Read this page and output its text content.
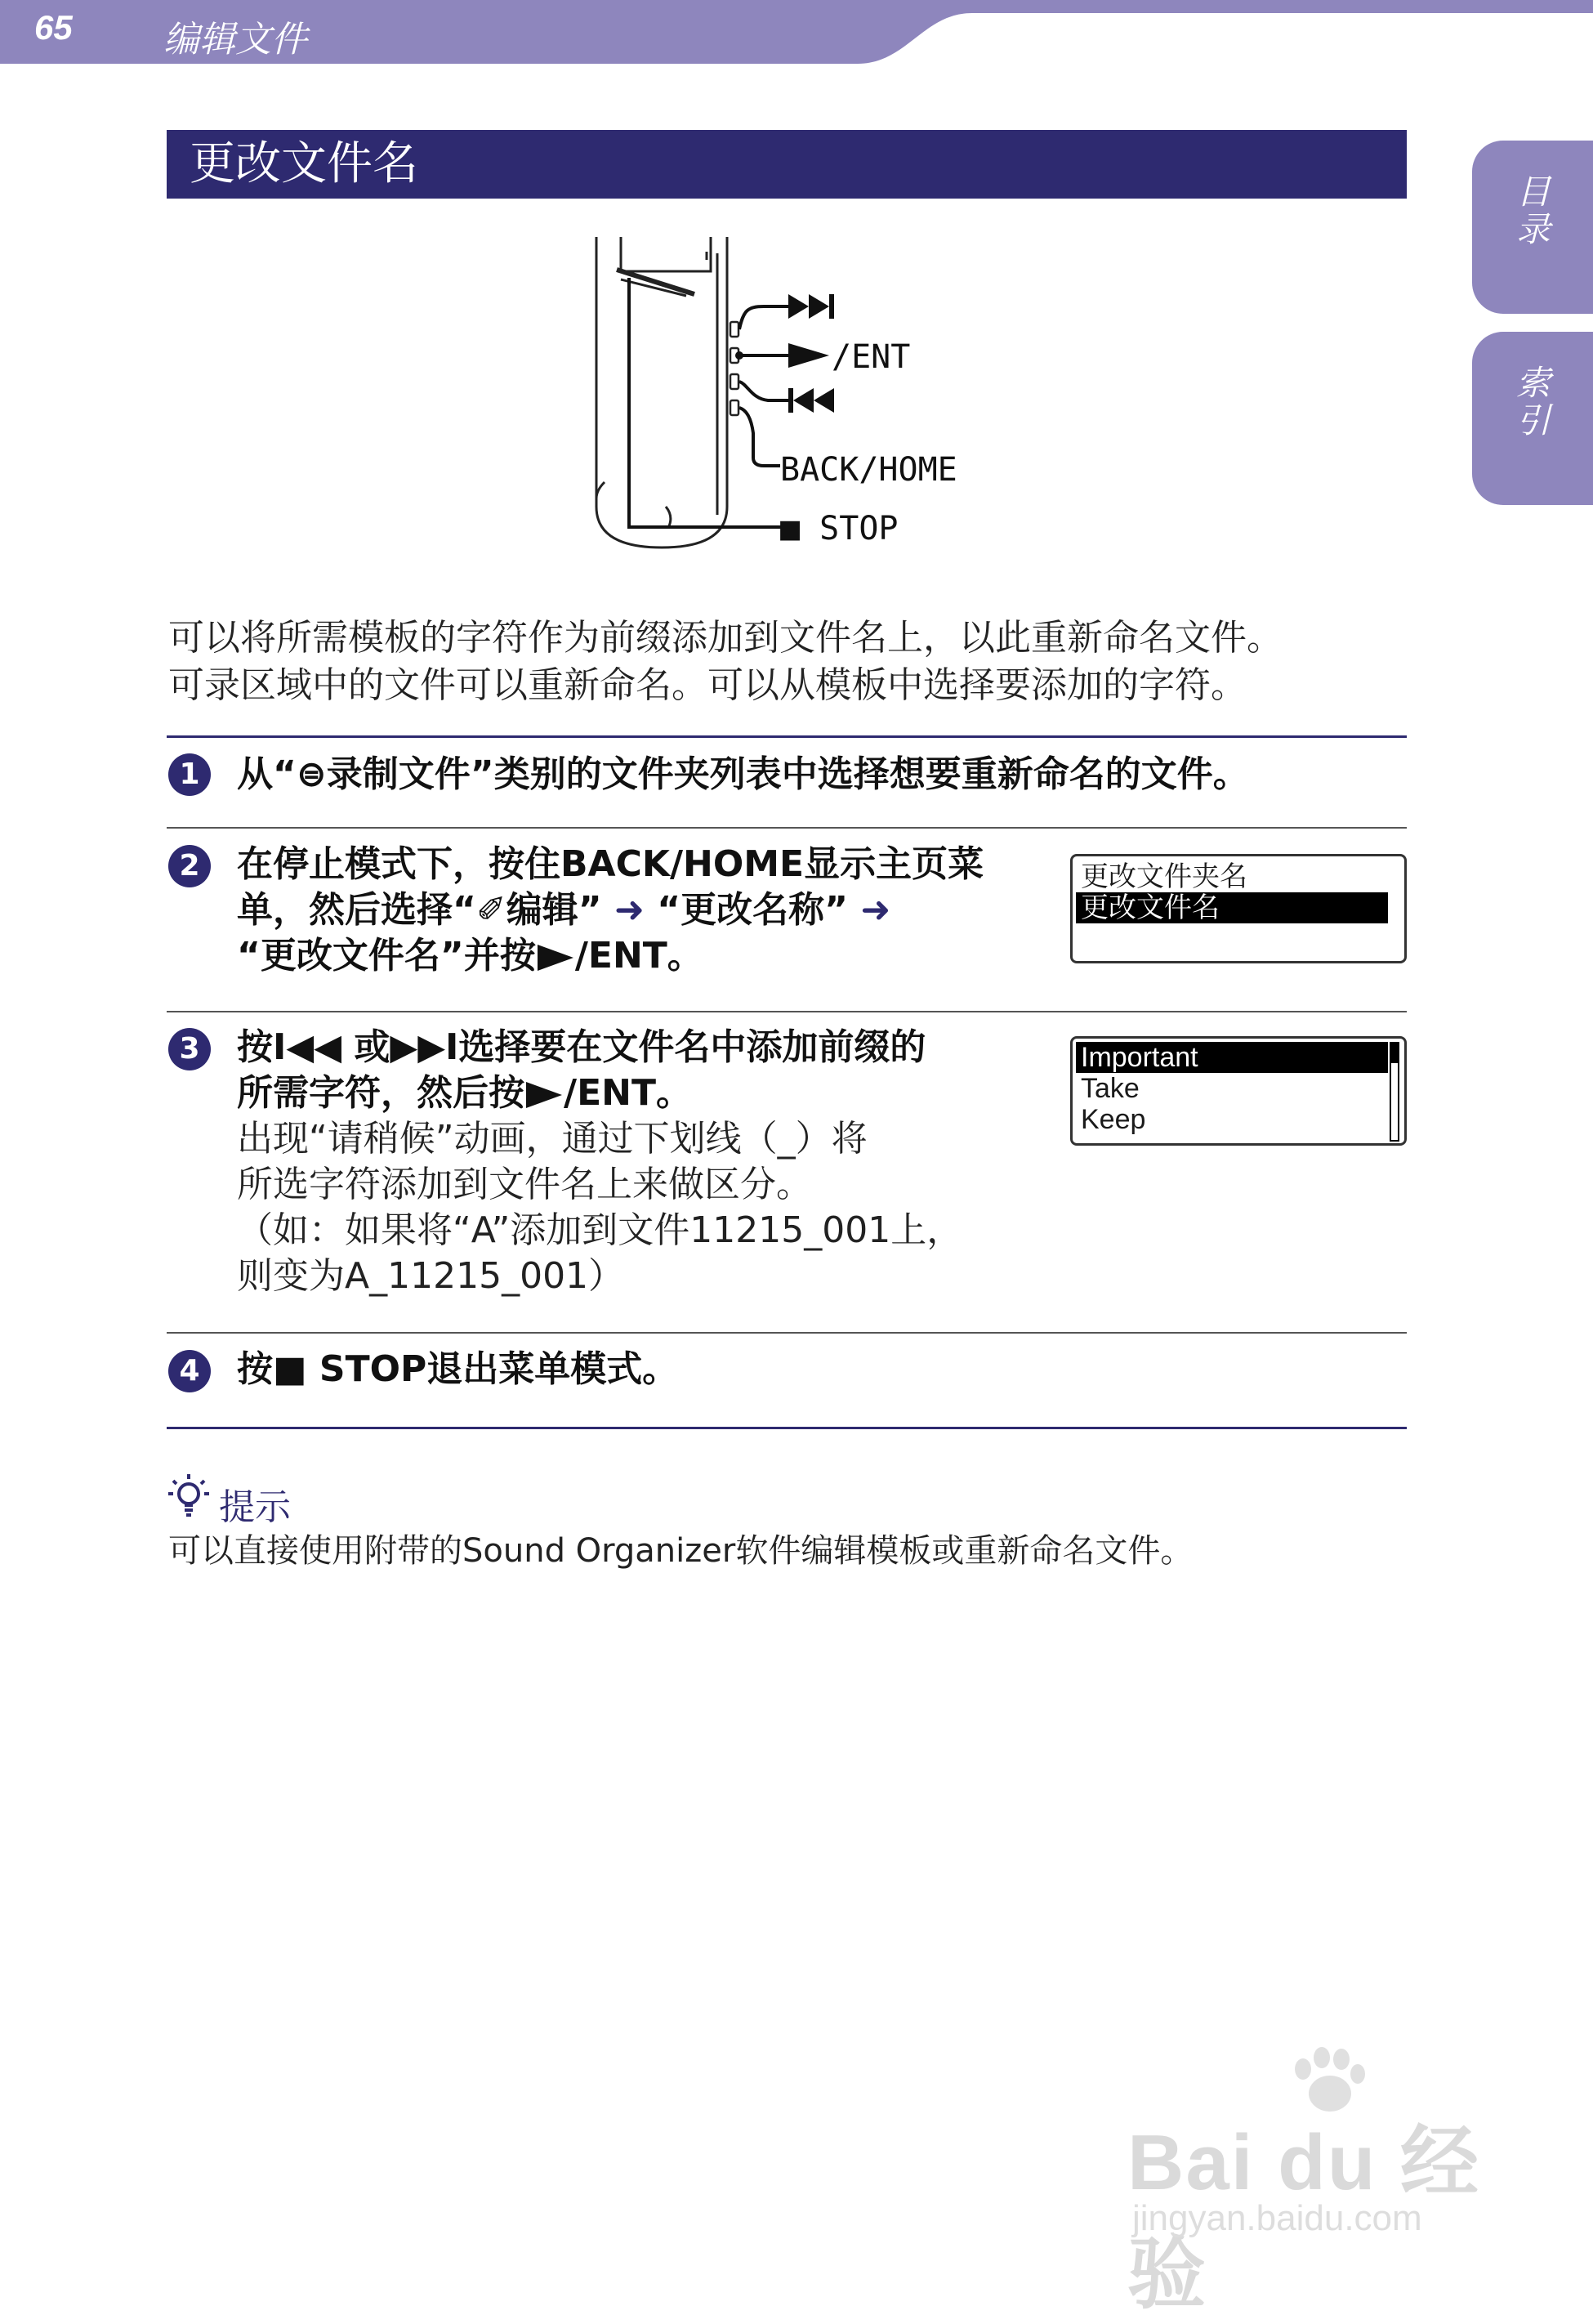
65	编辑文件
目录
索引
更改文件名
/ENT
BACK/HOME
■ STOP
可以将所需模板的字符作为前缀添加到文件名上，以此重新命名文件。
可录区域中的文件可以重新命名。可以从模板中选择要添加的字符。
1	从“⊜录制文件”类别的文件夹列表中选择想要重新命名的文件。
2	在停止模式下，按住BACK/HOME显示主页菜
单，然后选择“✐编辑” ➜ “更改名称” ➜
“更改文件名”并按 /ENT。
更改文件夹名
更改文件名
3	按I◀◀ 或▶▶I选择要在文件名中添加前缀的
所需字符，然后按 /ENT。
出现“请稍候”动画，通过下划线（_）将
所选字符添加到文件名上来做区分。
（如：如果将“A”添加到文件11215_001上，
则变为A_11215_001）
Important
Take
Keep
4	按■ STOP退出菜单模式。
提示
可以直接使用附带的Sound Organizer软件编辑模板或重新命名文件。
Bai du 经验
jingyan.baidu.com
